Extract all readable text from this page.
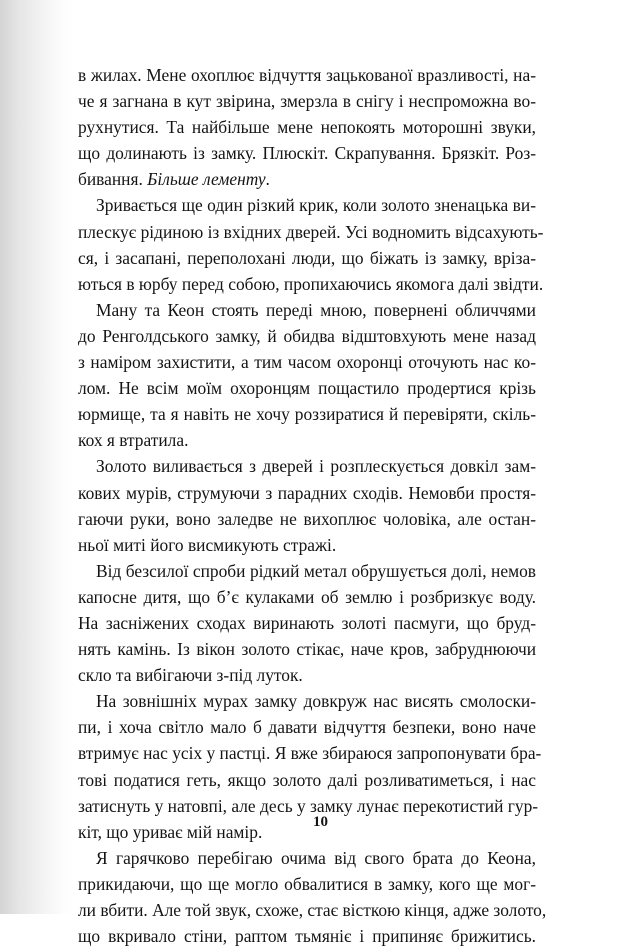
в жилах. Мене охоплює відчуття зацькованої вразливості, на-
че я загнана в кут звірина, змерзла в снігу і неспроможна во-
рухнутися. Та найбільше мене непокоять моторошні звуки,
що долинають із замку. Плюскіт. Скрапування. Брязкіт. Роз-
бивання. Більше лементу.
Зривається ще один різкий крик, коли золото зненацька ви-
плескує рідиною із вхідних дверей. Усі водномить відсахують-
ся, і засапані, переполохані люди, що біжать із замку, вріза-
ються в юрбу перед собою, пропихаючись якомога далі звідти.
Ману та Кеон стоять переді мною, повернені обличчями
до Ренголдського замку, й обидва відштовхують мене назад
з наміром захистити, а тим часом охоронці оточують нас ко-
лом. Не всім моїм охоронцям пощастило продертися крізь
юрмище, та я навіть не хочу роззиратися й перевіряти, скіль-
кох я втратила.
Золото виливається з дверей і розплескується довкіл зам-
кових мурів, струмуючи з парадних сходів. Немовби простя-
гаючи руки, воно заледве не вихоплює чоловіка, але остан-
ньої миті його висмикують стражі.
Від безсилої спроби рідкий метал обрушується долі, немов
капосне дитя, що б’є кулаками об землю і розбризкує воду.
На засніжених сходах виринають золоті пасмуги, що бруд-
нять камінь. Із вікон золото стікає, наче кров, забруднюючи
скло та вибігаючи з-під луток.
На зовнішніх мурах замку довкруж нас висять смолоски-
пи, і хоча світло мало б давати відчуття безпеки, воно наче
втримує нас усіх у пастці. Я вже збираюся запропонувати бра-
тові податися геть, якщо золото далі розливатиметься, і нас
затиснуть у натовпі, але десь у замку лунає перекотистий гур-
кіт, що уриває мій намір.
Я гарячково перебігаю очима від свого брата до Кеона,
прикидаючи, що ще могло обвалитися в замку, кого ще мог-
ли вбити. Але той звук, схоже, стає вісткою кінця, адже золото,
що вкривало стіни, раптом тьмяніє і припиняє брижитись.
10
